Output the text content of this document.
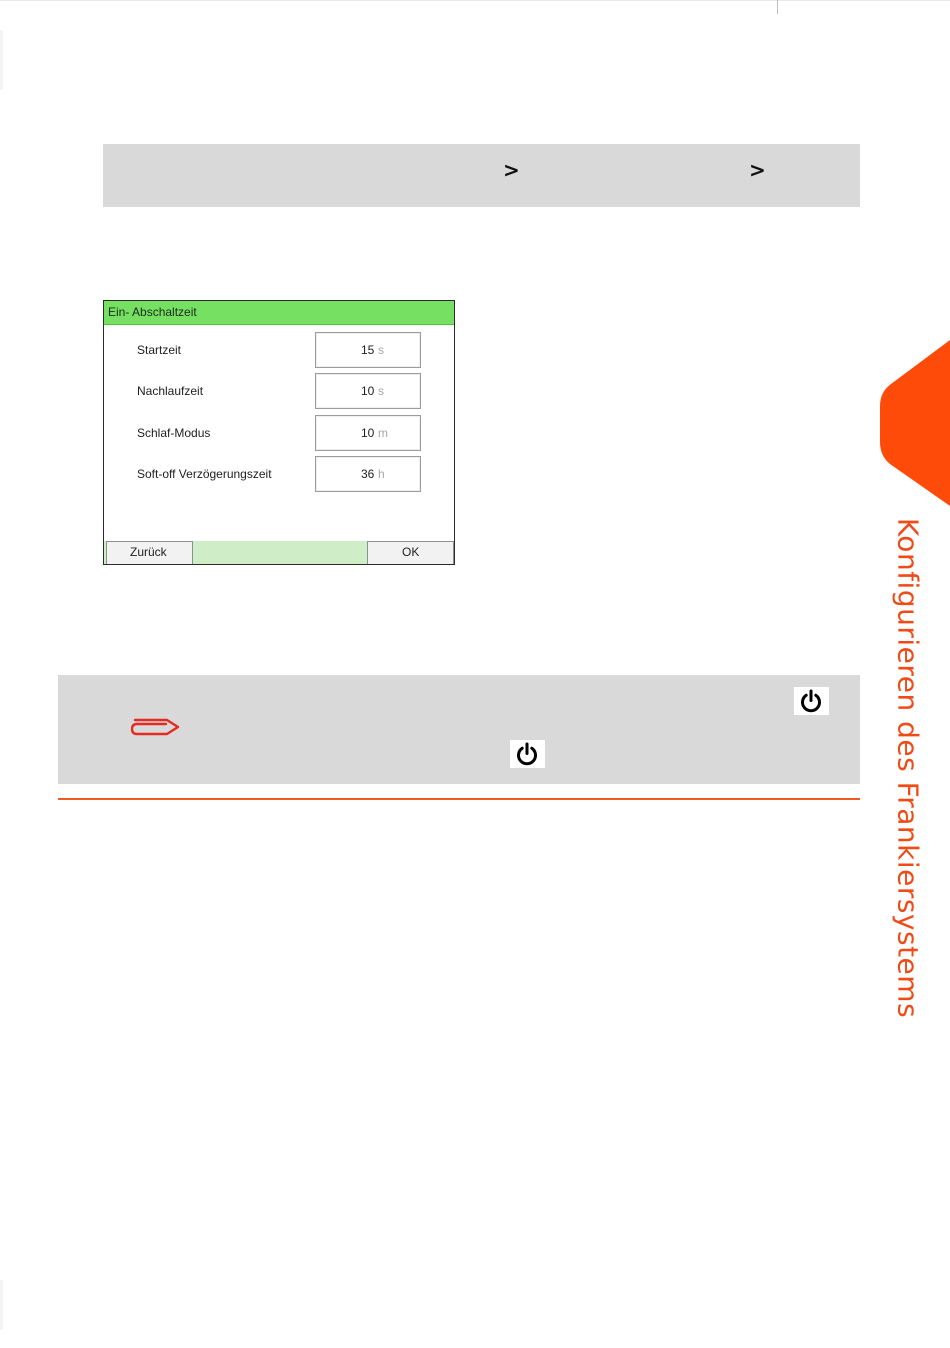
>	>
Ein- Abschaltzeit
Startzeit	15 s
Nachlaufzeit	10 s
Schlaf-Modus	10 m
Soft-off Verzögerungszeit	36 h
Zurück	OK	Konfigurieren des Frankiersystems
